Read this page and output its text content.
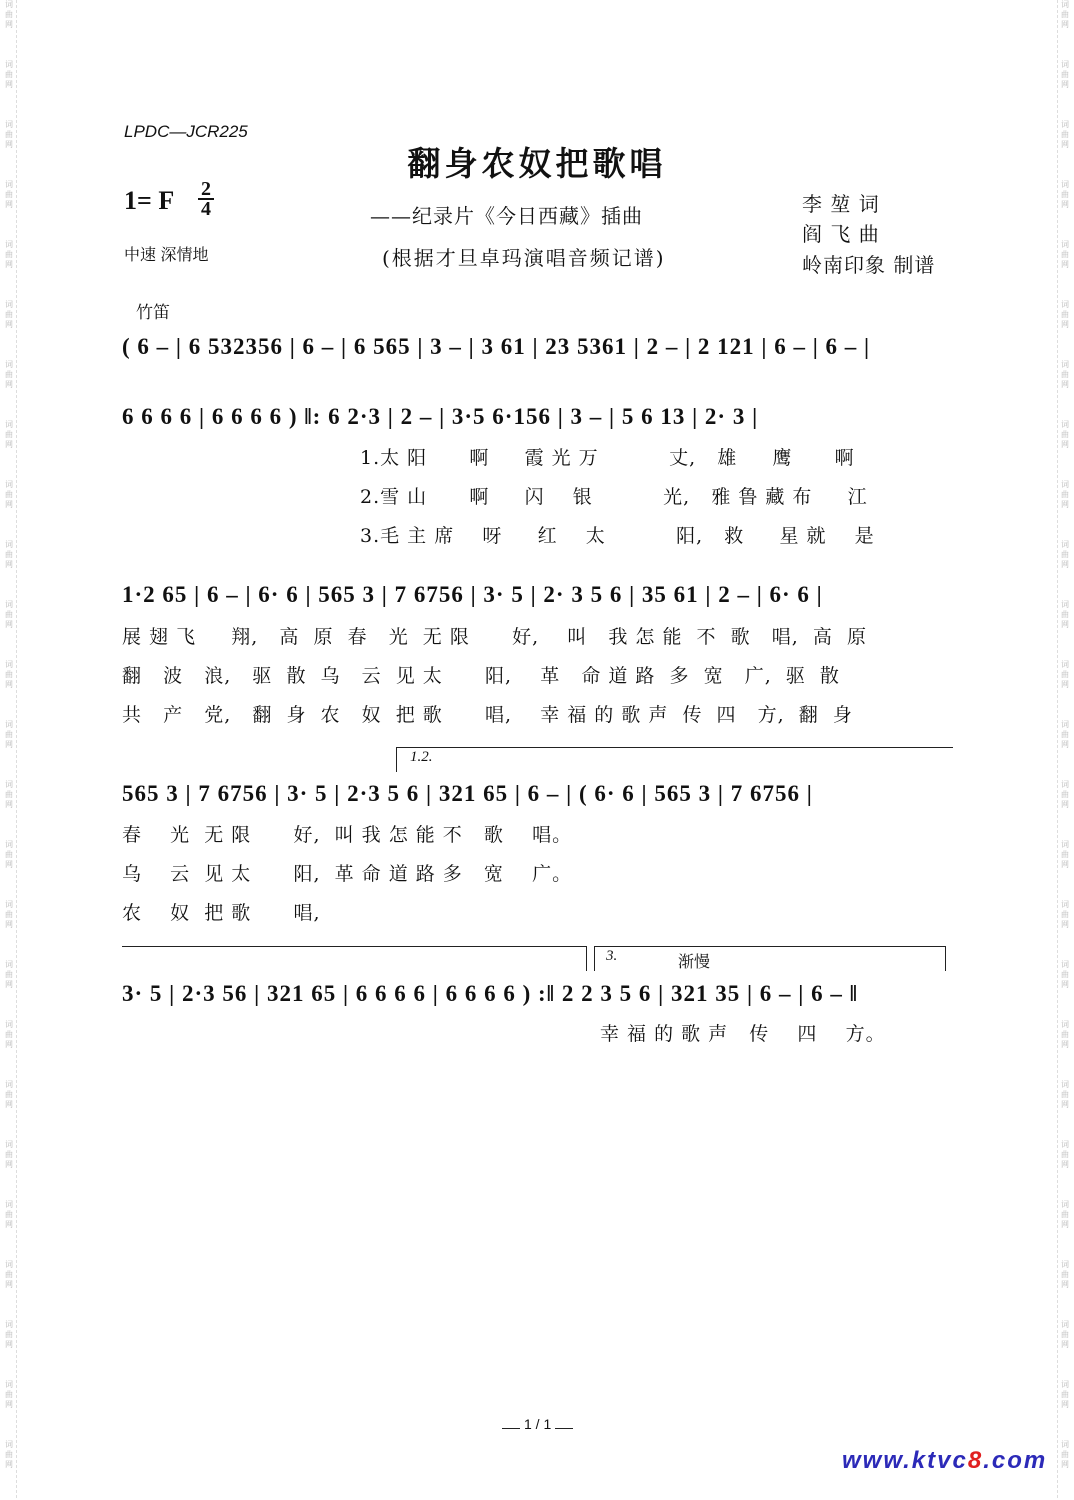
词
曲
网
词
曲
网
词
曲
网
词
曲
网
词
曲
网
词
曲
网
词
曲
网
词
曲
网
词
曲
网
词
曲
网
词
曲
网
词
曲
网
词
曲
网
词
曲
网
词
曲
网
词
曲
网
词
曲
网
词
曲
网
词
曲
网
词
曲
网
词
曲
网
词
曲
网
词
曲
网
词
曲
网
词
曲
网
词
曲
网
词
曲
网
词
曲
网
词
曲
网
词
曲
网
词
曲
网
词
曲
网
词
曲
网
词
曲
网
词
曲
网
词
曲
网
词
曲
网
词
曲
网
词
曲
网
词
曲
网
词
曲
网
词
曲
网
词
曲
网
词
曲
网
词
曲
网
词
曲
网
词
曲
网
词
曲
网
词
曲
网
词
曲
网
LPDC—JCR225
翻身农奴把歌唱
——纪录片《今日西藏》插曲
(根据才旦卓玛演唱音频记谱)
1= F 2
4
中速 深情地
李 堃 词
阎 飞 曲
岭南印象 制谱
竹笛
( 6 – | 6 532356 | 6 – | 6 565 | 3 – | 3 61 | 23 5361 | 2 – | 2 121 | 6 – | 6 – |
6 6 6 6 | 6 6 6 6 ) ‖: 6 2·3 | 2 – | 3·5 6·156 | 3 – | 5 6 13 | 2· 3 |
1.太 阳      啊     霞 光 万          丈,   雄     鹰      啊
2.雪 山      啊     闪    银          光,   雅 鲁 藏 布     江
3.毛 主 席    呀     红    太          阳,   救     星 就    是
1·2 65 | 6 – | 6· 6 | 565 3 | 7 6756 | 3· 5 | 2· 3 5 6 | 35 61 | 2 – | 6· 6 |
展 翅 飞     翔,   高  原  春   光  无 限      好,    叫   我 怎 能  不  歌   唱,  高  原
翻   波   浪,   驱  散  乌   云  见 太      阳,    革   命 道 路  多  宽   广,  驱  散
共   产   党,   翻  身  农   奴  把 歌      唱,    幸 福 的 歌 声  传  四   方,  翻  身
1.2.
565 3 | 7 6756 | 3· 5 | 2·3 5 6 | 321 65 | 6 – | ( 6· 6 | 565 3 | 7 6756 |
春    光  无 限      好,  叫 我 怎 能 不   歌    唱。
乌    云  见 太      阳,  革 命 道 路 多   宽    广。
农    奴  把 歌      唱,
3.	渐慢
3· 5 | 2·3 56 | 321 65 | 6 6 6 6 | 6 6 6 6 ) :‖ 2 2 3 5 6 | 321 35 | 6 – | 6 – ‖
幸 福 的 歌 声   传    四    方。
1 / 1
www.ktvc8.com
